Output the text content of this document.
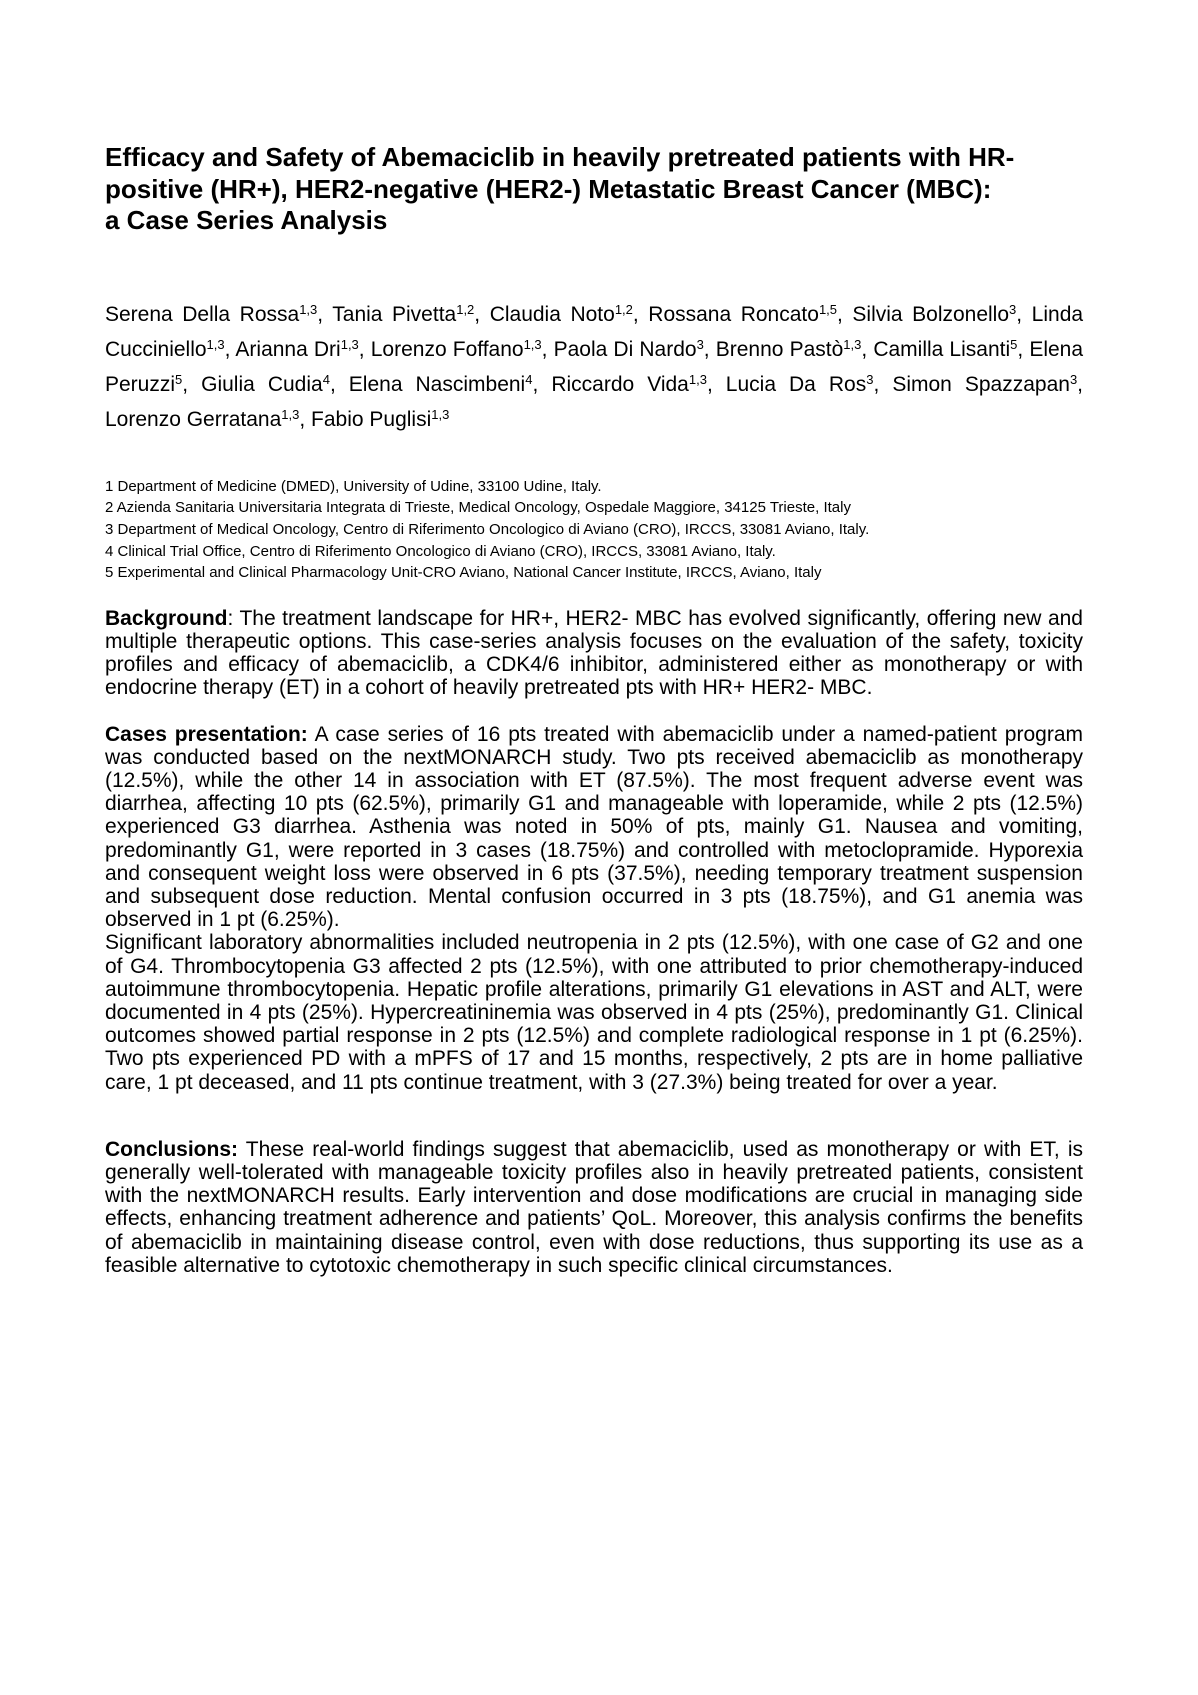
Efficacy and Safety of Abemaciclib in heavily pretreated patients with HR-
positive (HR+), HER2-negative (HER2-) Metastatic Breast Cancer (MBC):
a Case Series Analysis

Serena Della Rossa$^{1,3}$, Tania Pivetta$^{1,2}$, Claudia Noto$^{1,2}$, Rossana Roncato$^{1,5}$, Silvia Bolzonello$^3$, Linda Cucciniello$^{1,3}$, Arianna Dri$^{1,3}$, Lorenzo Foffano$^{1,3}$, Paola Di Nardo$^3$, Brenno Pastò$^{1,3}$, Camilla Lisanti$^5$, Elena Peruzzi$^5$, Giulia Cudia$^4$, Elena Nascimbeni$^4$, Riccardo Vida$^{1,3}$, Lucia Da Ros$^3$, Simon Spazzapan$^3$, Lorenzo Gerratana$^{1,3}$, Fabio Puglisi$^{1,3}$

1 Department of Medicine (DMED), University of Udine, 33100 Udine, Italy.
2 Azienda Sanitaria Universitaria Integrata di Trieste, Medical Oncology, Ospedale Maggiore, 34125 Trieste, Italy
3 Department of Medical Oncology, Centro di Riferimento Oncologico di Aviano (CRO), IRCCS, 33081 Aviano, Italy.
4 Clinical Trial Office, Centro di Riferimento Oncologico di Aviano (CRO), IRCCS, 33081 Aviano, Italy.
5 Experimental and Clinical Pharmacology Unit-CRO Aviano, National Cancer Institute, IRCCS, Aviano, Italy

Background: The treatment landscape for HR+, HER2- MBC has evolved significantly, offering new and multiple therapeutic options. This case-series analysis focuses on the evaluation of the safety, toxicity profiles and efficacy of abemaciclib, a CDK4/6 inhibitor, administered either as monotherapy or with endocrine therapy (ET) in a cohort of heavily pretreated pts with HR+ HER2- MBC.

Cases presentation: A case series of 16 pts treated with abemaciclib under a named-patient program was conducted based on the nextMONARCH study. Two pts received abemaciclib as monotherapy (12.5%), while the other 14 in association with ET (87.5%). The most frequent adverse event was diarrhea, affecting 10 pts (62.5%), primarily G1 and manageable with loperamide, while 2 pts (12.5%) experienced G3 diarrhea. Asthenia was noted in 50% of pts, mainly G1. Nausea and vomiting, predominantly G1, were reported in 3 cases (18.75%) and controlled with metoclopramide. Hyporexia and consequent weight loss were observed in 6 pts (37.5%), needing temporary treatment suspension and subsequent dose reduction. Mental confusion occurred in 3 pts (18.75%), and G1 anemia was observed in 1 pt (6.25%).
Significant laboratory abnormalities included neutropenia in 2 pts (12.5%), with one case of G2 and one of G4. Thrombocytopenia G3 affected 2 pts (12.5%), with one attributed to prior chemotherapy-induced autoimmune thrombocytopenia. Hepatic profile alterations, primarily G1 elevations in AST and ALT, were documented in 4 pts (25%). Hypercreatininemia was observed in 4 pts (25%), predominantly G1. Clinical outcomes showed partial response in 2 pts (12.5%) and complete radiological response in 1 pt (6.25%). Two pts experienced PD with a mPFS of 17 and 15 months, respectively, 2 pts are in home palliative care, 1 pt deceased, and 11 pts continue treatment, with 3 (27.3%) being treated for over a year.

Conclusions: These real-world findings suggest that abemaciclib, used as monotherapy or with ET, is generally well-tolerated with manageable toxicity profiles also in heavily pretreated patients, consistent with the nextMONARCH results. Early intervention and dose modifications are crucial in managing side effects, enhancing treatment adherence and patients’ QoL. Moreover, this analysis confirms the benefits of abemaciclib in maintaining disease control, even with dose reductions, thus supporting its use as a feasible alternative to cytotoxic chemotherapy in such specific clinical circumstances.
